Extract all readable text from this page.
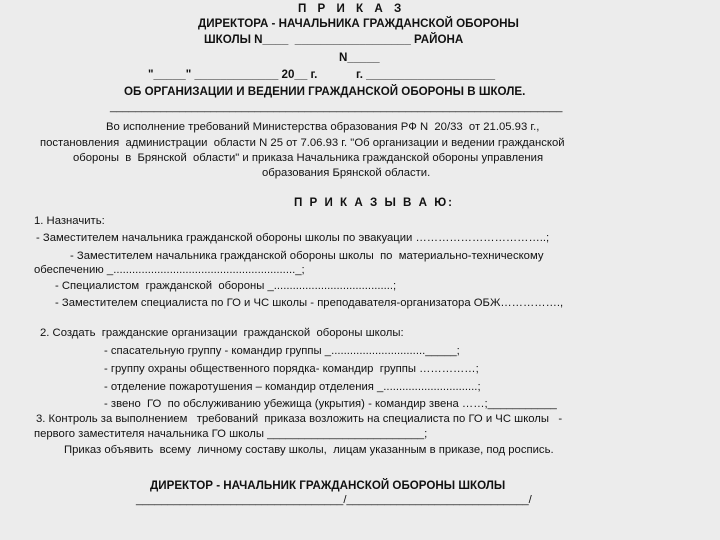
П Р И К А З
ДИРЕКТОРА - НАЧАЛЬНИКА ГРАЖДАНСКОЙ ОБОРОНЫ
ШКОЛЫ N____  __________________ РАЙОНА
N_____
"_____" _____________ 20__ г.            г. ____________________
ОБ ОРГАНИЗАЦИИ И ВЕДЕНИИ ГРАЖДАНСКОЙ ОБОРОНЫ В ШКОЛЕ.
________________________________________________________________________
Во исполнение требований Министерства образования РФ N  20/33  от 21.05.93 г.,
постановления  администрации  области N 25 от 7.06.93 г. "Об организации и ведении гражданской
обороны  в  Брянской  области" и приказа Начальника гражданской обороны управления
образования Брянской области.
П Р И К А З Ы В А Ю:
1. Назначить:
- Заместителем начальника гражданской обороны школы по эвакуации ……………………………..;
- Заместителем начальника гражданской обороны школы  по  материально-техническому
обеспечению _.........................................................._;
- Специалистом  гражданской  обороны _......................................;
- Заместителем специалиста по ГО и ЧС школы - преподавателя-организатора ОБЖ…………….,
2. Создать  гражданские организации  гражданской  обороны школы:
- спасательную группу - командир группы _.............................._____;
- группу охраны общественного порядка- командир  группы ……………;
- отделение пожаротушения – командир отделения _..............................;
- звено  ГО  по обслуживанию убежища (укрытия) - командир звена ……;___________
3. Контроль за выполнением   требований  приказа возложить на специалиста по ГО и ЧС школы   -
первого заместителя начальника ГО школы _________________________;
Приказ объявить  всему  личному составу школы,  лицам указанным в приказе, под роспись.
ДИРЕКТОР - НАЧАЛЬНИК ГРАЖДАНСКОЙ ОБОРОНЫ ШКОЛЫ
_________________________________/_____________________________/
